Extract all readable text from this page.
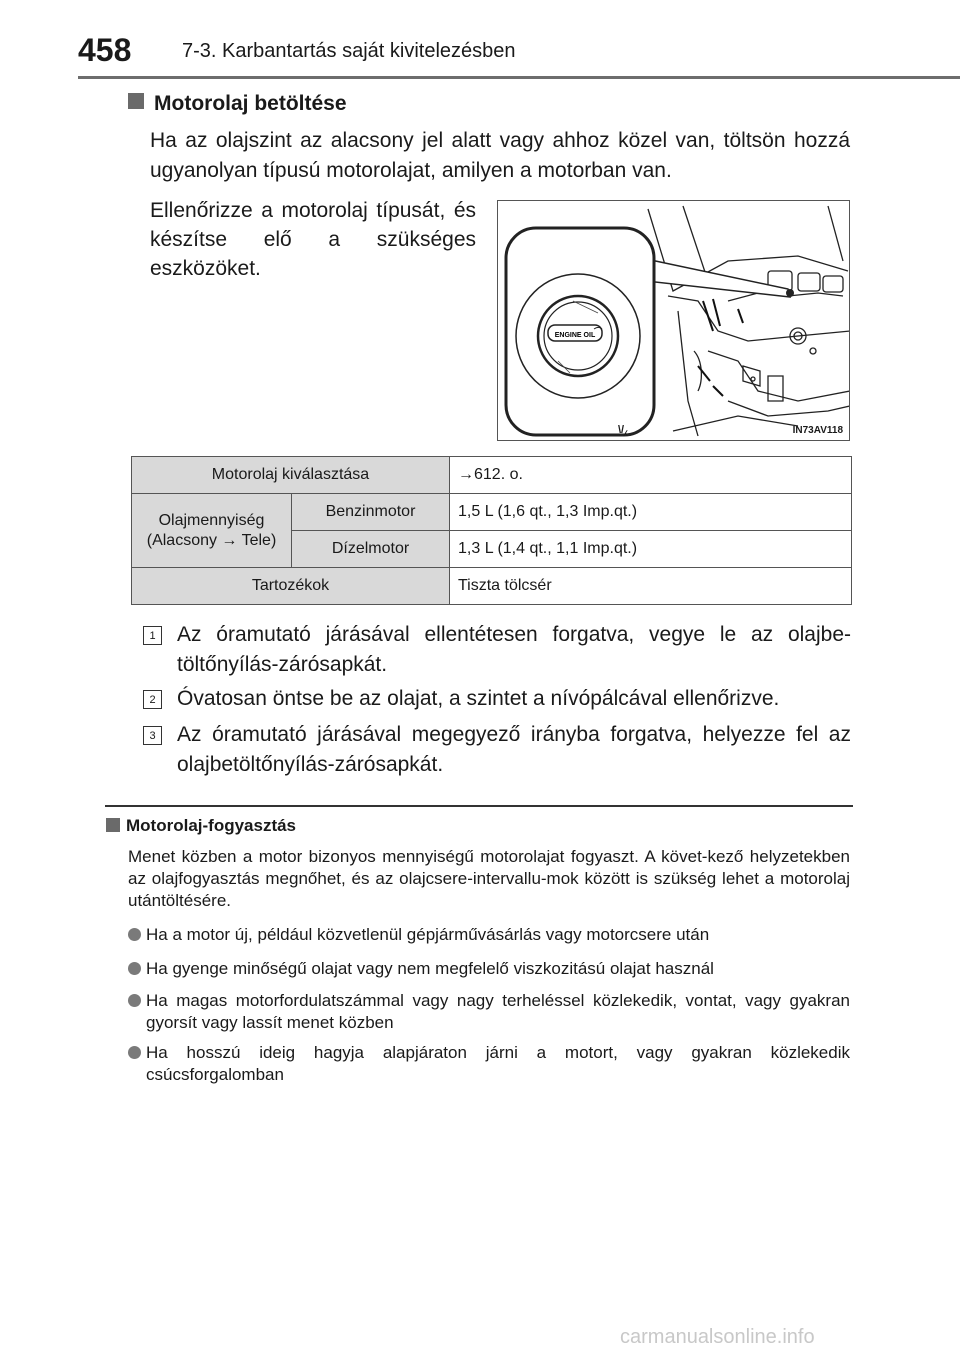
458	7-3. Karbantartás saját kivitelezésben
Motorolaj betöltése
Ha az olajszint az alacsony jel alatt vagy ahhoz közel van, töltsön hozzá ugyanolyan típusú motorolajat, amilyen a motorban van.
Ellenőrizze a motorolaj típusát, és készítse elő a szükséges eszközöket.
ENGINE OIL
\/⁁	IN73AV118
Motorolaj kiválasztása		→612. o.
Olajmennyiség (Alacsony → Tele)	Benzinmotor	1,5 L (1,6 qt., 1,3 Imp.qt.)
	Dízelmotor	1,3 L (1,4 qt., 1,1 Imp.qt.)
Tartozékok		Tiszta tölcsér
1	Az óramutató járásával ellentétesen forgatva, vegye le az olajbe-töltőnyílás-zárósapkát.
2	Óvatosan öntse be az olajat, a szintet a nívópálcával ellenőrizve.
3	Az óramutató járásával megegyező irányba forgatva, helyezze fel az olajbetöltőnyílás-zárósapkát.
Motorolaj-fogyasztás
Menet közben a motor bizonyos mennyiségű motorolajat fogyaszt. A követ-kező helyzetekben az olajfogyasztás megnőhet, és az olajcsere-intervallu-mok között is szükség lehet a motorolaj utántöltésére.
Ha a motor új, például közvetlenül gépjárművásárlás vagy motorcsere után
Ha gyenge minőségű olajat vagy nem megfelelő viszkozitású olajat használ
Ha magas motorfordulatszámmal vagy nagy terheléssel közlekedik, vontat, vagy gyakran gyorsít vagy lassít menet közben
Ha hosszú ideig hagyja alapjáraton járni a motort, vagy gyakran közlekedik csúcsforgalomban
carmanualsonline.info
